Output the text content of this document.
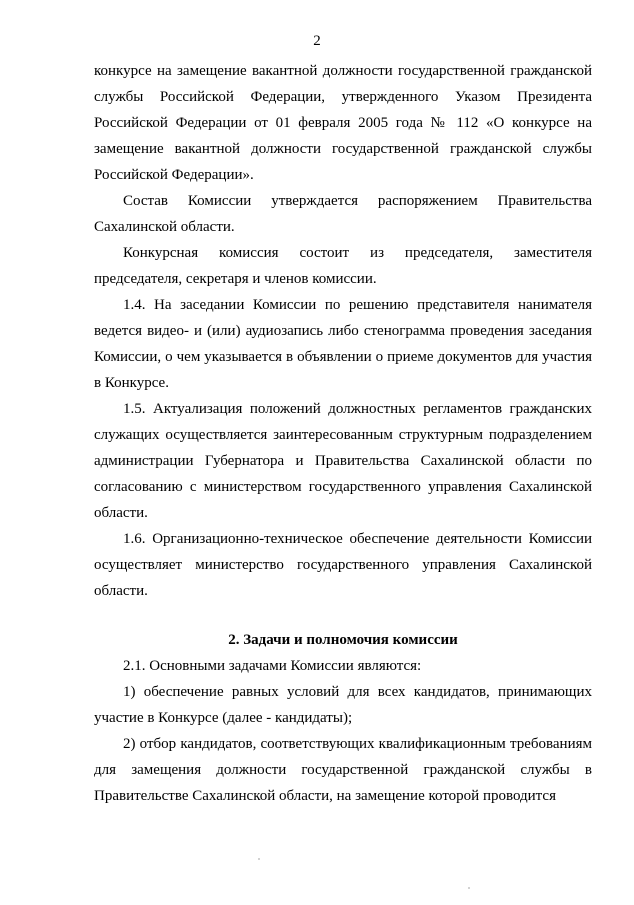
2

конкурсе на замещение вакантной должности государственной гражданской службы Российской Федерации, утвержденного Указом Президента Российской Федерации от 01 февраля 2005 года № 112 «О конкурсе на замещение вакантной должности государственной гражданской службы Российской Федерации».

Состав Комиссии утверждается распоряжением Правительства Сахалинской области.

Конкурсная комиссия состоит из председателя, заместителя председателя, секретаря и членов комиссии.

1.4. На заседании Комиссии по решению представителя нанимателя ведется видео- и (или) аудиозапись либо стенограмма проведения заседания Комиссии, о чем указывается в объявлении о приеме документов для участия в Конкурсе.

1.5. Актуализация положений должностных регламентов гражданских служащих осуществляется заинтересованным структурным подразделением администрации Губернатора и Правительства Сахалинской области по согласованию с министерством государственного управления Сахалинской области.

1.6. Организационно-техническое обеспечение деятельности Комиссии осуществляет министерство государственного управления Сахалинской области.

2. Задачи и полномочия комиссии

2.1. Основными задачами Комиссии являются:

1) обеспечение равных условий для всех кандидатов, принимающих участие в Конкурсе (далее - кандидаты);

2) отбор кандидатов, соответствующих квалификационным требованиям для замещения должности государственной гражданской службы в Правительстве Сахалинской области, на замещение которой проводится
